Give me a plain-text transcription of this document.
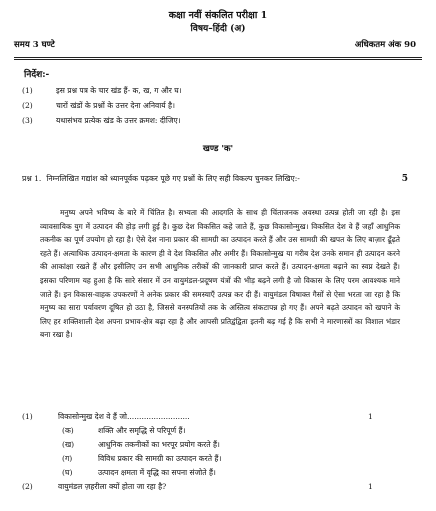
कक्षा नवीं संकलित परीक्षा 1
विषय–हिंदी (अ)
समय 3 घण्टे	अधिकतम अंक 90
निर्देश:-
(1)	इस प्रश्न पत्र के चार खंड हैं- क, ख, ग और घ।
(2)	चारों खंडों के प्रश्नों के उत्तर देना अनिवार्य है।
(3)	यथासंभव प्रत्येक खंड के उत्तर क्रमश: दीजिए।
खण्ड 'क'
प्रश्न 1. निम्नलिखित गद्यांश को ध्यानपूर्वक पढ़कर पूछे गए प्रश्नों के लिए सही विकल्प चुनकर लिखिए:-	5
मनुष्य अपने भविष्य के बारे में चिंतित है। सभ्यता की आदगति के साथ ही चिंताजनक अवस्था उत्पन्न होती जा रही है। इस व्यावसायिक युग में उत्पादन की होड़ लगी हुई है। कुछ देश विकसित कहे जाते हैं, कुछ विकासोन्मुख। विकसित देश वे हैं जहाँ आधुनिक तकनीक का पूर्ण उपयोग हो रहा है। ऐसे देश नाना प्रकार की सामग्री का उत्पादन करते हैं और उस सामग्री की खपत के लिए बाज़ार ढूँढ़ते रहते हैं। अत्याधिक उत्पादन-क्षमता के कारण ही वे देश विकसित और अमीर हैं। विकासोन्मुख या गरीब देश उनके समान ही उत्पादन करने की आकांक्षा रखते हैं और इसीलिए उन सभी आधुनिक तरीकों की जानकारी प्राप्त करते हैं। उत्पादन-क्षमता बढ़ाने का स्वप्न देखते हैं। इसका परिणाम यह हुआ है कि सारे संसार में उन वायुमंडल-प्रदूषण यंत्रों की भीड़ बढ़ने लगी है जो विकास के लिए परम आवश्यक माने जाते हैं। इन विकास-वाहक उपकरणों ने अनेक प्रकार की समस्याएँ उत्पन्न कर दी हैं। वायुमंडल विषाक्त गैसों से ऐसा भरता जा रहा है कि मनुष्य का सारा पर्यावरण दूषित हो उठा है, जिससे वनस्पतियों तक के अस्तित्व संकटापन्न हो गए हैं। अपने बढ़ते उत्पादन को खपाने के लिए हर शक्तिशाली देश अपना प्रभाव-क्षेत्र बढ़ा रहा है और आपसी प्रतिद्वंद्विता इतनी बढ़ गई है कि सभी ने मारणास्त्रों का विशाल भंडार बना रखा है।
(1)	विकासोन्मुख देश वे हैं जो..........................	1
(क)	शक्ति और समृद्धि से परिपूर्ण हैं।
(ख)	आधुनिक तकनीकों का भरपूर प्रयोग करते हैं।
(ग)	विविध प्रकार की सामग्री का उत्पादन करते हैं।
(घ)	उत्पादन क्षमता में वृद्धि का सपना संजोते हैं।
(2)	वायुमंडल ज़हरीला क्यों होता जा रहा है?	1
